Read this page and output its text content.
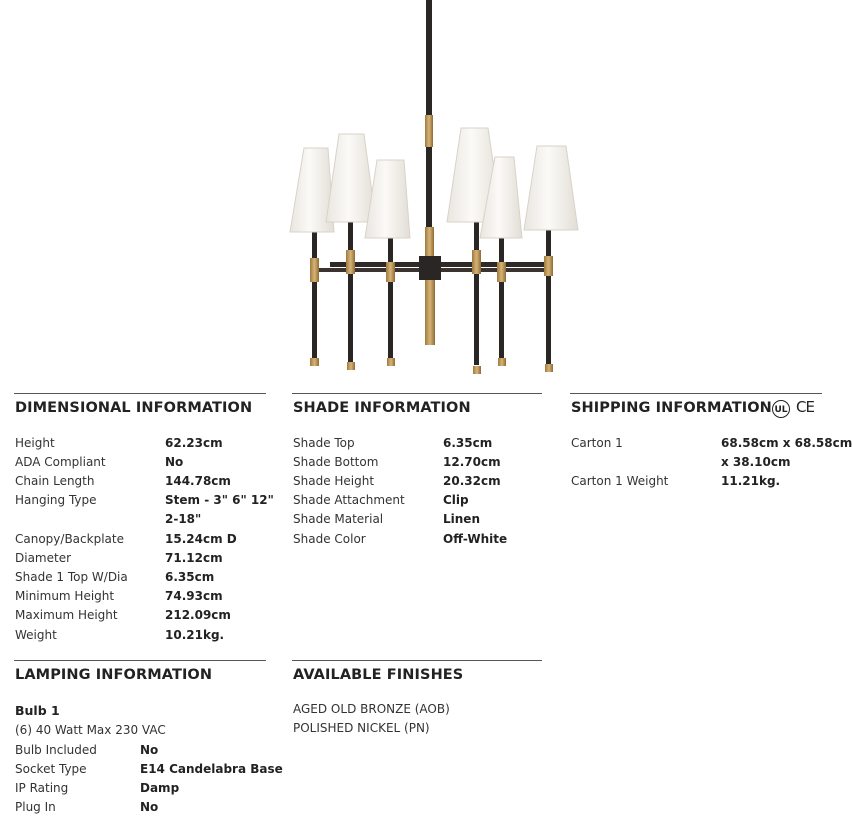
DIMENSIONAL INFORMATION
Height	62.23cm
ADA Compliant	No
Chain Length	144.78cm
Hanging Type	Stem - 3" 6" 12"
2-18"
Canopy/Backplate	15.24cm D
Diameter	71.12cm
Shade 1 Top W/Dia	6.35cm
Minimum Height	74.93cm
Maximum Height	212.09cm
Weight	10.21kg.
SHADE INFORMATION
Shade Top	6.35cm
Shade Bottom	12.70cm
Shade Height	20.32cm
Shade Attachment	Clip
Shade Material	Linen
Shade Color	Off-White
SHIPPING INFORMATION UL CE
Carton 1	68.58cm x 68.58cm
x 38.10cm
Carton 1 Weight	11.21kg.
LAMPING INFORMATION
Bulb 1
(6) 40 Watt Max 230 VAC
Bulb Included	No
Socket Type	E14 Candelabra Base
IP Rating	Damp
Plug In	No
AVAILABLE FINISHES
AGED OLD BRONZE (AOB)
POLISHED NICKEL (PN)
